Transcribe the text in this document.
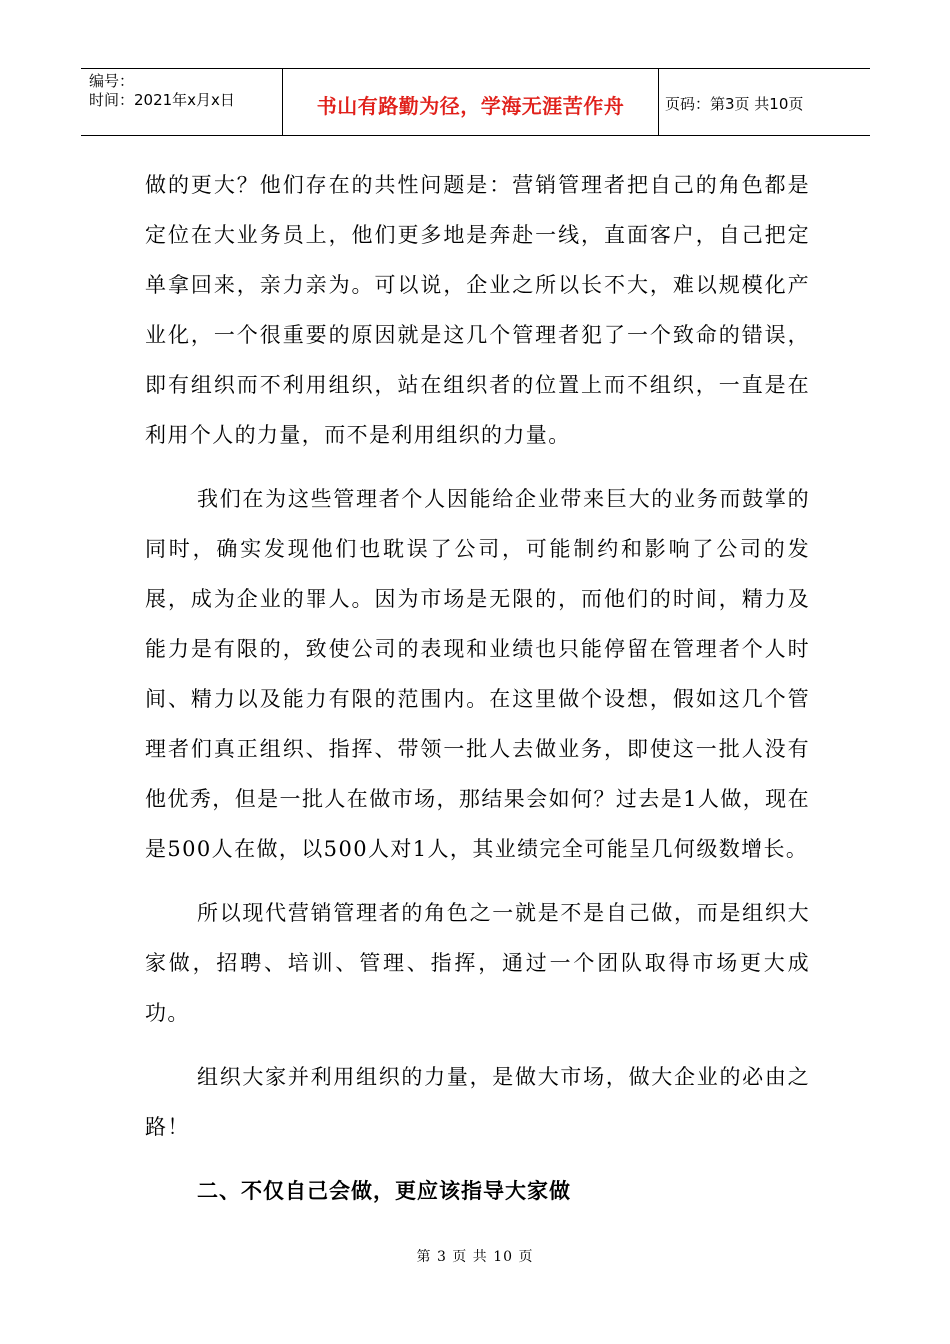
编号：
时间：2021年x月x日	书山有路勤为径，学海无涯苦作舟	页码：第3页 共10页

做的更大？他们存在的共性问题是：营销管理者把自己的角色都是定位在大业务员上，他们更多地是奔赴一线，直面客户，自己把定单拿回来，亲力亲为。可以说，企业之所以长不大，难以规模化产业化，一个很重要的原因就是这几个管理者犯了一个致命的错误，即有组织而不利用组织，站在组织者的位置上而不组织，一直是在利用个人的力量，而不是利用组织的力量。

我们在为这些管理者个人因能给企业带来巨大的业务而鼓掌的同时，确实发现他们也耽误了公司，可能制约和影响了公司的发展，成为企业的罪人。因为市场是无限的，而他们的时间，精力及能力是有限的，致使公司的表现和业绩也只能停留在管理者个人时间、精力以及能力有限的范围内。在这里做个设想，假如这几个管理者们真正组织、指挥、带领一批人去做业务，即使这一批人没有他优秀，但是一批人在做市场，那结果会如何？过去是1人做，现在是500人在做，以500人对1人，其业绩完全可能呈几何级数增长。

所以现代营销管理者的角色之一就是不是自己做，而是组织大家做，招聘、培训、管理、指挥，通过一个团队取得市场更大成功。

组织大家并利用组织的力量，是做大市场，做大企业的必由之路！

二、不仅自己会做，更应该指导大家做

第 3 页 共 10 页
